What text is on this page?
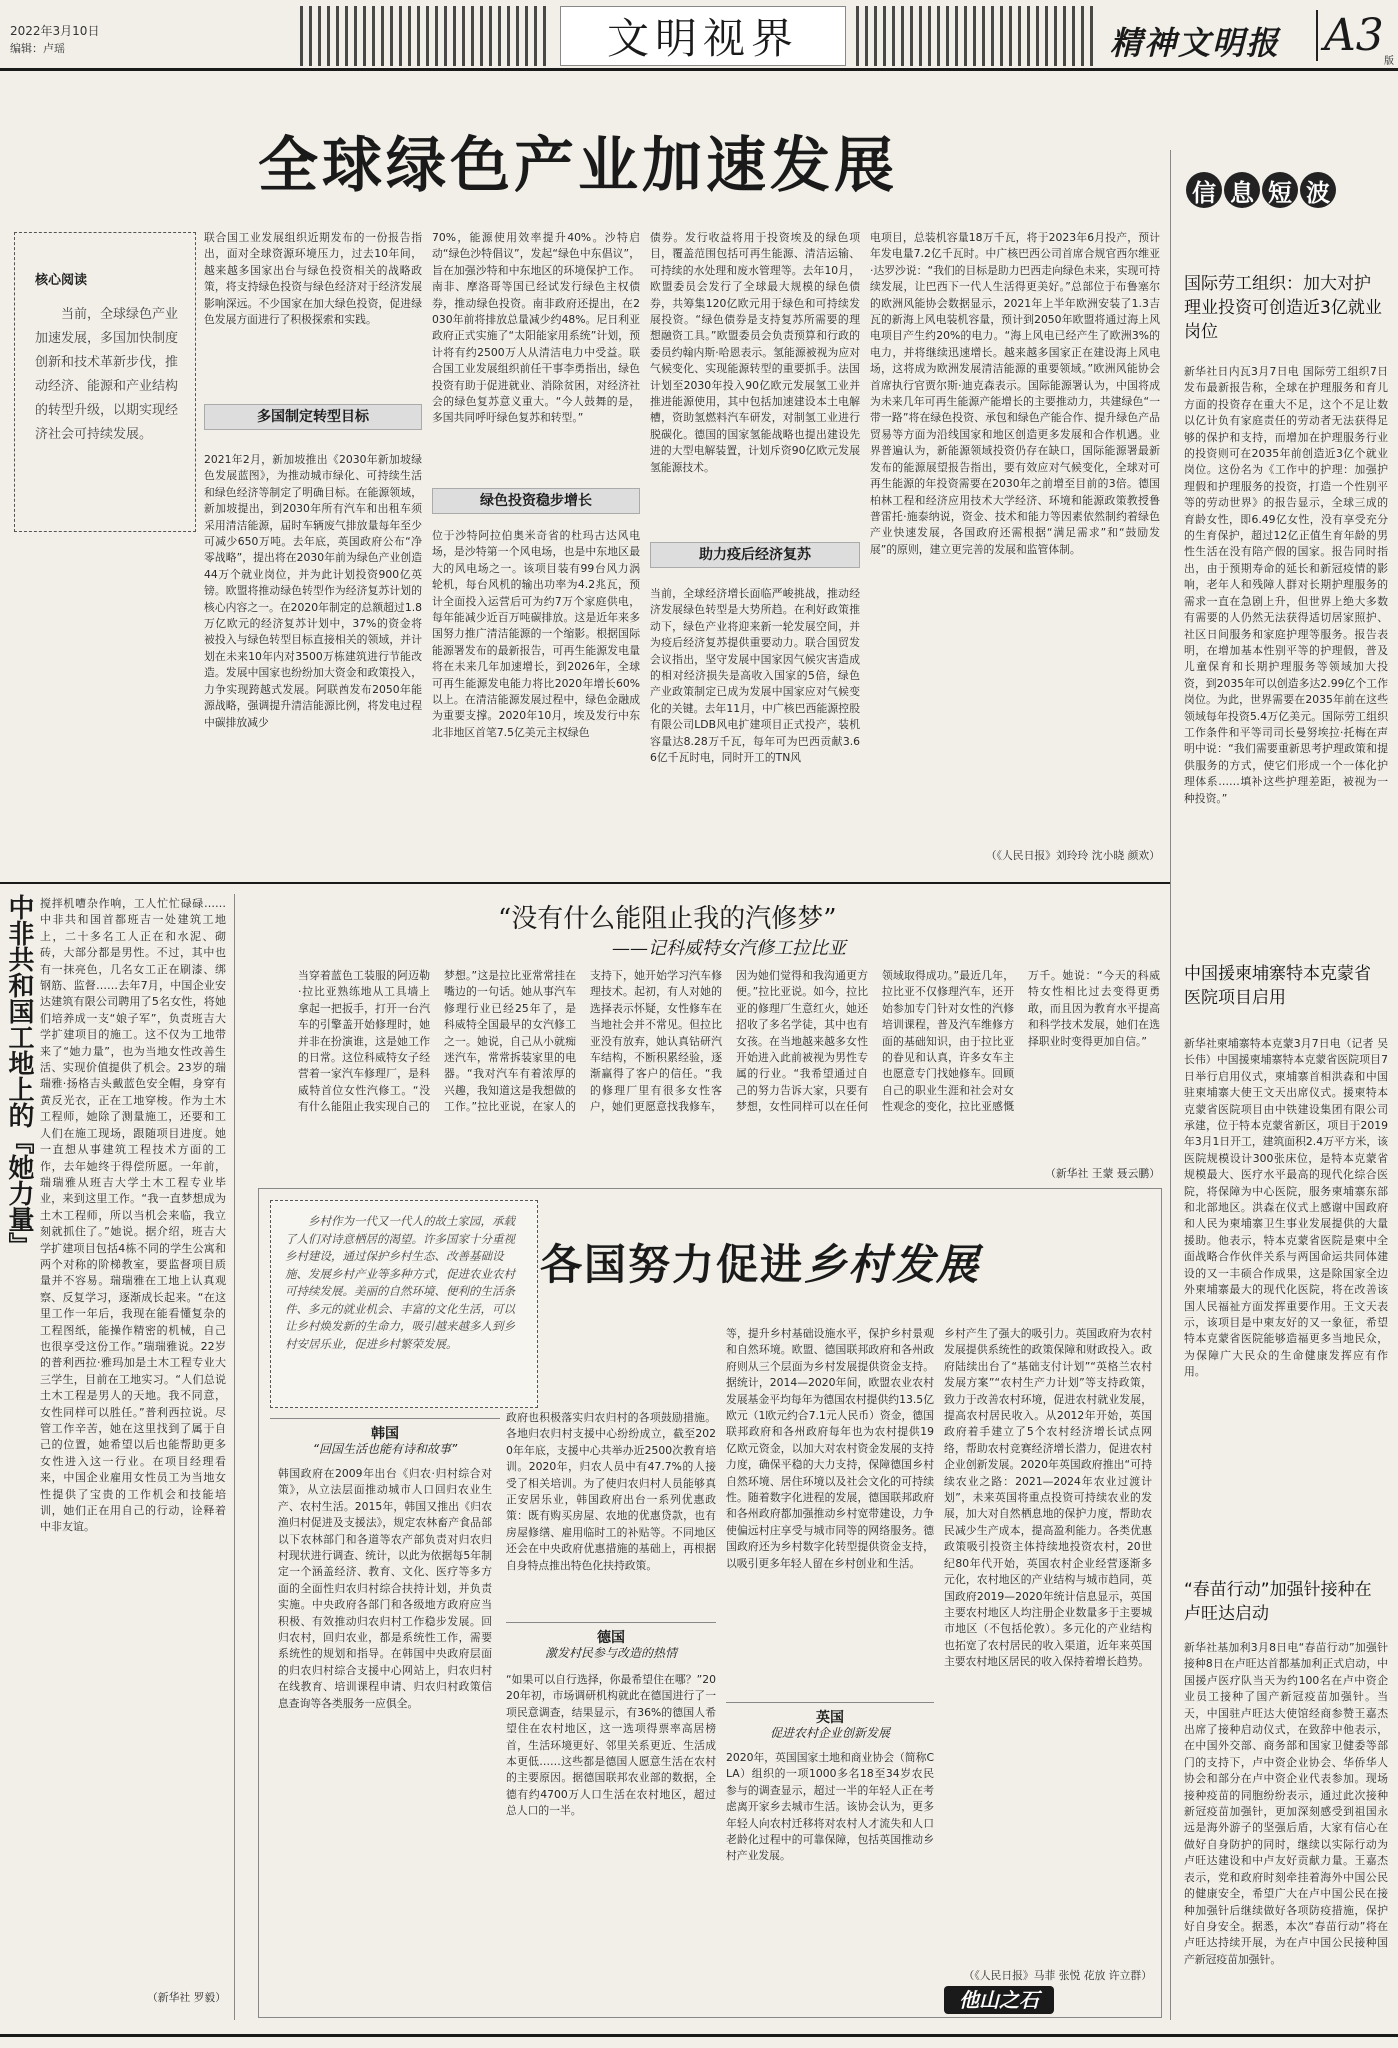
2022年3月10日
编辑：卢瑶	文明视界	精神文明报 A3
版
全球绿色产业加速发展
核心阅读
当前，全球绿色产业加速发展，多国加快制度创新和技术革新步伐，推动经济、能源和产业结构的转型升级，以期实现经济社会可持续发展。
联合国工业发展组织近期发布的一份报告指出，面对全球资源环境压力，过去10年间，越来越多国家出台与绿色投资相关的战略政策，将支持绿色投资与绿色经济对于经济发展影响深远。不少国家在加大绿色投资，促进绿色发展方面进行了积极探索和实践。
多国制定转型目标
2021年2月，新加坡推出《2030年新加坡绿色发展蓝图》，为推动城市绿化、可持续生活和绿色经济等制定了明确目标。在能源领域，新加坡提出，到2030年所有汽车和出租车须采用清洁能源，届时车辆废气排放量每年至少可减少650万吨。去年底，英国政府公布“净零战略”，提出将在2030年前为绿色产业创造44万个就业岗位，并为此计划投资900亿英镑。欧盟将推动绿色转型作为经济复苏计划的核心内容之一。在2020年制定的总额超过1.8万亿欧元的经济复苏计划中，37%的资金将被投入与绿色转型目标直接相关的领域，并计划在未来10年内对3500万栋建筑进行节能改造。发展中国家也纷纷加大资金和政策投入，力争实现跨越式发展。阿联酋发布2050年能源战略，强调提升清洁能源比例，将发电过程中碳排放减少
70%，能源使用效率提升40%。沙特启动“绿色沙特倡议”，发起“绿色中东倡议”，旨在加强沙特和中东地区的环境保护工作。南非、摩洛哥等国已经试发行绿色主权债券，推动绿色投资。南非政府还提出，在2030年前将排放总量减少约48%。尼日利亚政府正式实施了“太阳能家用系统”计划，预计将有约2500万人从清洁电力中受益。联合国工业发展组织前任干事李勇指出，绿色投资有助于促进就业、消除贫困，对经济社会的绿色复苏意义重大。“今人鼓舞的是，多国共同呼吁绿色复苏和转型。”
绿色投资稳步增长
位于沙特阿拉伯奥米奇省的杜玛古达风电场，是沙特第一个风电场，也是中东地区最大的风电场之一。该项目装有99台风力涡轮机，每台风机的输出功率为4.2兆瓦，预计全面投入运营后可为约7万个家庭供电，每年能减少近百万吨碳排放。这是近年来多国努力推广清洁能源的一个缩影。根据国际能源署发布的最新报告，可再生能源发电量将在未来几年加速增长，到2026年，全球可再生能源发电能力将比2020年增长60%以上。在清洁能源发展过程中，绿色金融成为重要支撑。2020年10月，埃及发行中东北非地区首笔7.5亿美元主权绿色
债券。发行收益将用于投资埃及的绿色项目，覆盖范围包括可再生能源、清洁运输、可持续的水处理和废水管理等。去年10月，欧盟委员会发行了全球最大规模的绿色债券，共筹集120亿欧元用于绿色和可持续发展投资。“绿色债券是支持复苏所需要的理想融资工具。”欧盟委员会负责预算和行政的委员约翰内斯·哈恩表示。氢能源被视为应对气候变化、实现能源转型的重要抓手。法国计划至2030年投入90亿欧元发展氢工业并推进能源使用，其中包括加速建设本土电解槽，资助氢燃料汽车研发，对制氢工业进行脱碳化。德国的国家氢能战略也提出建设先进的大型电解装置，计划斥资90亿欧元发展氢能源技术。
助力疫后经济复苏
当前，全球经济增长面临严峻挑战，推动经济发展绿色转型是大势所趋。在利好政策推动下，绿色产业将迎来新一轮发展空间，并为疫后经济复苏提供重要动力。联合国贸发会议指出，坚守发展中国家因气候灾害造成的相对经济损失是高收入国家的5倍，绿色产业政策制定已成为发展中国家应对气候变化的关键。去年11月，中广核巴西能源控股有限公司LDB风电扩建项目正式投产，装机容量达8.28万千瓦，每年可为巴西贡献3.66亿千瓦时电，同时开工的TN风
电项目，总装机容量18万千瓦，将于2023年6月投产，预计年发电量7.2亿千瓦时。中广核巴西公司首席合规官西尔维亚·达罗沙说：“我们的目标是助力巴西走向绿色未来，实现可持续发展，让巴西下一代人生活得更美好。”总部位于布鲁塞尔的欧洲风能协会数据显示，2021年上半年欧洲安装了1.3吉瓦的新海上风电装机容量，预计到2050年欧盟将通过海上风电项目产生约20%的电力。“海上风电已经产生了欧洲3%的电力，并将继续迅速增长。越来越多国家正在建设海上风电场，这将成为欧洲发展清洁能源的重要领域。”欧洲风能协会首席执行官贾尔斯·迪克森表示。国际能源署认为，中国将成为未来几年可再生能源产能增长的主要推动力，共建绿色“一带一路”将在绿色投资、承包和绿色产能合作、提升绿色产品贸易等方面为沿线国家和地区创造更多发展和合作机遇。业界普遍认为，新能源领域投资仍存在缺口，国际能源署最新发布的能源展望报告指出，要有效应对气候变化，全球对可再生能源的年投资需要在2030年之前增至目前的3倍。德国柏林工程和经济应用技术大学经济、环境和能源政策教授鲁普雷托·施泰纳说，资金、技术和能力等因素依然制约着绿色产业快速发展，各国政府还需根据“满足需求”和“鼓励发展”的原则，建立更完善的发展和监管体制。
（《人民日报》刘玲玲 沈小晓 颜欢）
信 息 短 波
国际劳工组织：加大对护理业投资可创造近3亿就业岗位
新华社日内瓦3月7日电 国际劳工组织7日发布最新报告称，全球在护理服务和育儿方面的投资存在重大不足，这个不足让数以亿计负有家庭责任的劳动者无法获得足够的保护和支持，而增加在护理服务行业的投资则可在2035年前创造近3亿个就业岗位。这份名为《工作中的护理：加强护理假和护理服务的投资，打造一个性别平等的劳动世界》的报告显示，全球三成的育龄女性，即6.49亿女性，没有享受充分的生育保护，超过12亿正值生育年龄的男性生活在没有陪产假的国家。报告同时指出，由于预期寿命的延长和新冠疫情的影响，老年人和残障人群对长期护理服务的需求一直在急剧上升，但世界上绝大多数有需要的人仍然无法获得适切居家照护、社区日间服务和家庭护理等服务。报告表明，在增加基本性别平等的护理假，普及儿童保育和长期护理服务等领域加大投资，到2035年可以创造多达2.99亿个工作岗位。为此，世界需要在2035年前在这些领域每年投资5.4万亿美元。国际劳工组织工作条件和平等司司长曼努埃拉·托梅在声明中说：“我们需要重新思考护理政策和提供服务的方式，使它们形成一个一体化护理体系……填补这些护理差距，被视为一种投资。”
中国援柬埔寨特本克蒙省医院项目启用
新华社柬埔寨特本克蒙3月7日电（记者 吴长伟）中国援柬埔寨特本克蒙省医院项目7日举行启用仪式，柬埔寨首相洪森和中国驻柬埔寨大使王文天出席仪式。援柬特本克蒙省医院项目由中铁建设集团有限公司承建，位于特本克蒙省新区，项目于2019年3月1日开工，建筑面积2.4万平方米，该医院规模设计300张床位，是特本克蒙省规模最大、医疗水平最高的现代化综合医院，将保障为中心医院，服务柬埔寨东部和北部地区。洪森在仪式上感谢中国政府和人民为柬埔寨卫生事业发展提供的大量援助。他表示，特本克蒙省医院是柬中全面战略合作伙伴关系与两国命运共同体建设的又一丰硕合作成果，这是除国家全边外柬埔寨最大的现代化医院，将在改善该国人民福祉方面发挥重要作用。王文天表示，该项目是中柬友好的又一象征，希望特本克蒙省医院能够造福更多当地民众，为保障广大民众的生命健康发挥应有作用。
“春苗行动”加强针接种在卢旺达启动
新华社基加利3月8日电“春苗行动”加强针接种8日在卢旺达首都基加利正式启动，中国援卢医疗队当天为约100名在卢中资企业员工接种了国产新冠疫苗加强针。当天，中国驻卢旺达大使馆经商参赞王嘉杰出席了接种启动仪式，在致辞中他表示，在中国外交部、商务部和国家卫健委等部门的支持下，卢中资企业协会、华侨华人协会和部分在卢中资企业代表参加。现场接种疫苗的同胞纷纷表示，通过此次接种新冠疫苗加强针，更加深刻感受到祖国永远是海外游子的坚强后盾，大家有信心在做好自身防护的同时，继续以实际行动为卢旺达建设和中卢友好贡献力量。王嘉杰表示，党和政府时刻牵挂着海外中国公民的健康安全，希望广大在卢中国公民在接种加强针后继续做好各项防疫措施，保护好自身安全。据悉，本次“春苗行动”将在卢旺达持续开展，为在卢中国公民接种国产新冠疫苗加强针。
中非共和国工地上的『她力量』 搅拌机嘈杂作响，工人忙忙碌碌……中非共和国首都班吉一处建筑工地上，二十多名工人正在和水泥、砌砖，大部分都是男性。不过，其中也有一抹亮色，几名女工正在刷漆、绑钢筋、监督……去年7月，中国企业安达建筑有限公司聘用了5名女性，将她们培养成一支“娘子军”，负责班吉大学扩建项目的施工。这不仅为工地带来了“她力量”，也为当地女性改善生活、实现价值提供了机会。23岁的瑞瑞雅·扬格吉头戴蓝色安全帽，身穿有黄反光衣，正在工地穿梭。作为土木工程师，她除了测量施工，还要和工人们在施工现场，跟随项目进度。她一直想从事建筑工程技术方面的工作，去年她终于得偿所愿。一年前，瑞瑞雅从班吉大学土木工程专业毕业，来到这里工作。“我一直梦想成为土木工程师，所以当机会来临，我立刻就抓住了。”她说。据介绍，班吉大学扩建项目包括4栋不同的学生公寓和两个对称的阶梯教室，要监督项目质量并不容易。瑞瑞雅在工地上认真观察、反复学习，逐渐成长起来。“在这里工作一年后，我现在能看懂复杂的工程图纸，能操作精密的机械，自己也很享受这份工作。”瑞瑞雅说。22岁的普利西拉·雅玛加是土木工程专业大三学生，目前在工地实习。“人们总说土木工程是男人的天地。我不同意，女性同样可以胜任。”普利西拉说。尽管工作辛苦，她在这里找到了属于自己的位置，她希望以后也能帮助更多女性进入这一行业。在项目经理看来，中国企业雇用女性员工为当地女性提供了宝贵的工作机会和技能培训，她们正在用自己的行动，诠释着中非友谊。
（新华社 罗毅）
“没有什么能阻止我的汽修梦”
——记科威特女汽修工拉比亚
当穿着蓝色工装服的阿迈勒·拉比亚熟练地从工具墙上拿起一把扳手，打开一台汽车的引擎盖开始修理时，她并非在扮演谁，这是她工作的日常。这位科威特女子经营着一家汽车修理厂，是科威特首位女性汽修工。“没有什么能阻止我实现自己的梦想。”这是拉比亚常常挂在嘴边的一句话。她从事汽车修理行业已经25年了，是科威特全国最早的女汽修工之一。她说，自己从小就痴迷汽车，常常拆装家里的电器。“我对汽车有着浓厚的兴趣，我知道这是我想做的工作。”拉比亚说，在家人的支持下，她开始学习汽车修理技术。起初，有人对她的选择表示怀疑，女性修车在当地社会并不常见。但拉比亚没有放弃，她认真钻研汽车结构，不断积累经验，逐渐赢得了客户的信任。“我的修理厂里有很多女性客户，她们更愿意找我修车，因为她们觉得和我沟通更方便。”拉比亚说。如今，拉比亚的修理厂生意红火，她还招收了多名学徒，其中也有女孩。在当地越来越多女性开始进入此前被视为男性专属的行业。“我希望通过自己的努力告诉大家，只要有梦想，女性同样可以在任何领域取得成功。”最近几年，拉比亚不仅修理汽车，还开始参加专门针对女性的汽修培训课程，普及汽车维修方面的基础知识，由于拉比亚的眷见和认真，许多女车主也愿意专门找她修车。回顾自己的职业生涯和社会对女性观念的变化，拉比亚感慨万千。她说：“今天的科威特女性相比过去变得更勇敢，而且因为教育水平提高和科学技术发展，她们在选择职业时变得更加自信。”
（新华社 王蒙 聂云鹏）
乡村作为一代又一代人的故土家园，承载了人们对诗意栖居的渴望。许多国家十分重视乡村建设，通过保护乡村生态、改善基础设施、发展乡村产业等多种方式，促进农业农村可持续发展。美丽的自然环境、便利的生活条件、多元的就业机会、丰富的文化生活，可以让乡村焕发新的生命力，吸引越来越多人到乡村安居乐业，促进乡村繁荣发展。
各国努力促进乡村发展
韩国
“回国生活也能有诗和故事”
韩国政府在2009年出台《归农·归村综合对策》，从立法层面推动城市人口回归农业生产、农村生活。2015年，韩国又推出《归农渔归村促进及支援法》，规定农林畜产食品部以下农林部门和各道等农产部负责对归农归村现状进行调查、统计，以此为依据每5年制定一个涵盖经济、教育、文化、医疗等多方面的全面性归农归村综合扶持计划，并负责实施。中央政府各部门和各级地方政府应当积极、有效推动归农归村工作稳步发展。回归农村，回归农业，都是系统性工作，需要系统性的规划和指导。在韩国中央政府层面的归农归村综合支援中心网站上，归农归村在线教育、培训课程申请、归农归村政策信息查询等各类服务一应俱全。
政府也积极落实归农归村的各项鼓励措施。各地归农归村支援中心纷纷成立，截至2020年年底，支援中心共举办近2500次教育培训。2020年，归农人员中有47.7%的人接受了相关培训。为了使归农归村人员能够真正安居乐业，韩国政府出台一系列优惠政策：既有购买房屋、农地的优惠贷款，也有房屋修缮、雇用临时工的补贴等。不同地区还会在中央政府优惠措施的基础上，再根据自身特点推出特色化扶持政策。
德国
激发村民参与改造的热情
“如果可以自行选择，你最希望住在哪？”2020年初，市场调研机构就此在德国进行了一项民意调查，结果显示，有36%的德国人希望住在农村地区，这一选项得票率高居榜首，生活环境更好、邻里关系更近、生活成本更低……这些都是德国人愿意生活在农村的主要原因。据德国联邦农业部的数据，全德有约4700万人口生活在农村地区，超过总人口的一半。
等，提升乡村基础设施水平，保护乡村景观和自然环境。欧盟、德国联邦政府和各州政府则从三个层面为乡村发展提供资金支持。据统计，2014—2020年间，欧盟农业农村发展基金平均每年为德国农村提供约13.5亿欧元（1欧元约合7.1元人民币）资金，德国联邦政府和各州政府每年也为农村提供19亿欧元资金，以加大对农村资金发展的支持力度，确保平稳的大力支持，保障德国乡村自然环境、居住环境以及社会文化的可持续性。随着数字化进程的发展，德国联邦政府和各州政府都加强推动乡村宽带建设，力争使偏远村庄享受与城市同等的网络服务。德国政府还为乡村数字化转型提供资金支持，以吸引更多年轻人留在乡村创业和生活。
英国
促进农村企业创新发展
2020年，英国国家土地和商业协会（简称CLA）组织的一项1000多名18至34岁农民参与的调查显示，超过一半的年轻人正在考虑离开家乡去城市生活。该协会认为，更多年轻人向农村迁移将对农村人才流失和人口老龄化过程中的可靠保障，包括英国推动乡村产业发展。
乡村产生了强大的吸引力。英国政府为农村发展提供系统性的政策保障和财政投入。政府陆续出台了“基础支付计划”“英格兰农村发展方案”“农村生产力计划”等支持政策，致力于改善农村环境，促进农村就业发展，提高农村居民收入。从2012年开始，英国政府着手建立了5个农村经济增长试点网络，帮助农村竞赛经济增长潜力，促进农村企业创新发展。2020年英国政府推出“可持续农业之路：2021—2024年农业过渡计划”，未来英国将重点投资可持续农业的发展，加大对自然栖息地的保护力度，帮助农民减少生产成本，提高盈利能力。各类优惠政策吸引投资主体持续地投资农村，20世纪80年代开始，英国农村企业经营逐渐多元化，农村地区的产业结构与城市趋同，英国政府2019—2020年统计信息显示，英国主要农村地区人均注册企业数量多于主要城市地区（不包括伦敦）。多元化的产业结构也拓宽了农村居民的收入渠道，近年来英国主要农村地区居民的收入保持着增长趋势。
（《人民日报》马菲 张悦 花放 许立群）
他山之石
